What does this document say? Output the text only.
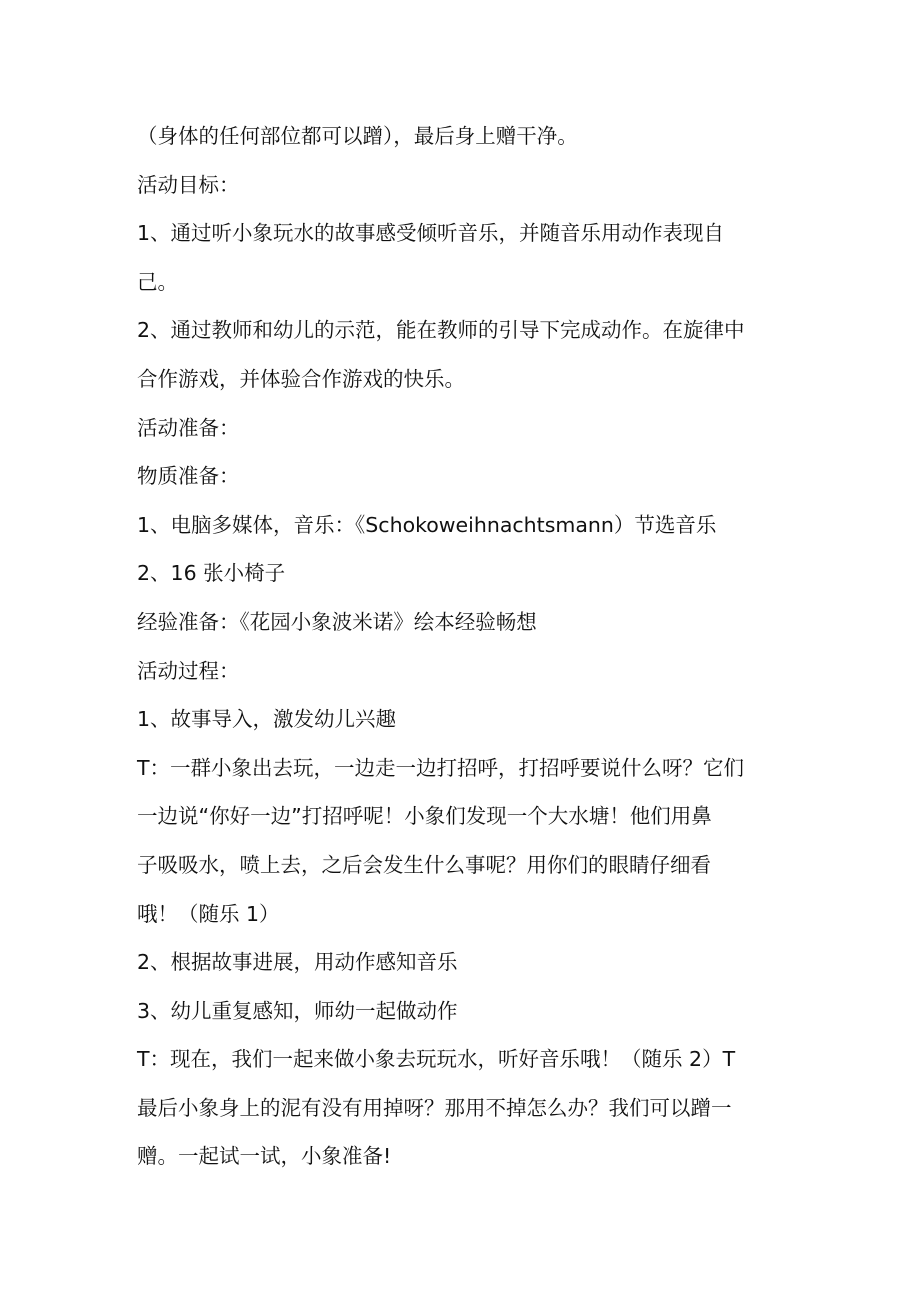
（身体的任何部位都可以蹭），最后身上赠干净。

活动目标：

1、通过听小象玩水的故事感受倾听音乐，并随音乐用动作表现自

己。

2、通过教师和幼儿的示范，能在教师的引导下完成动作。在旋律中

合作游戏，并体验合作游戏的快乐。

活动准备：

物质准备：

1、电脑多媒体，音乐：《Schokoweihnachtsmann）节选音乐

2、16 张小椅子

经验准备：《花园小象波米诺》绘本经验畅想

活动过程：

1、故事导入，激发幼儿兴趣

T：一群小象出去玩，一边走一边打招呼，打招呼要说什么呀？它们

一边说“你好一边”打招呼呢！小象们发现一个大水塘！他们用鼻

子吸吸水，喷上去，之后会发生什么事呢？用你们的眼睛仔细看

哦！（随乐 1）

2、根据故事进展，用动作感知音乐

3、幼儿重复感知，师幼一起做动作

T：现在，我们一起来做小象去玩玩水，听好音乐哦！（随乐 2）T

最后小象身上的泥有没有用掉呀？那用不掉怎么办？我们可以蹭一

赠。一起试一试，小象准备!
